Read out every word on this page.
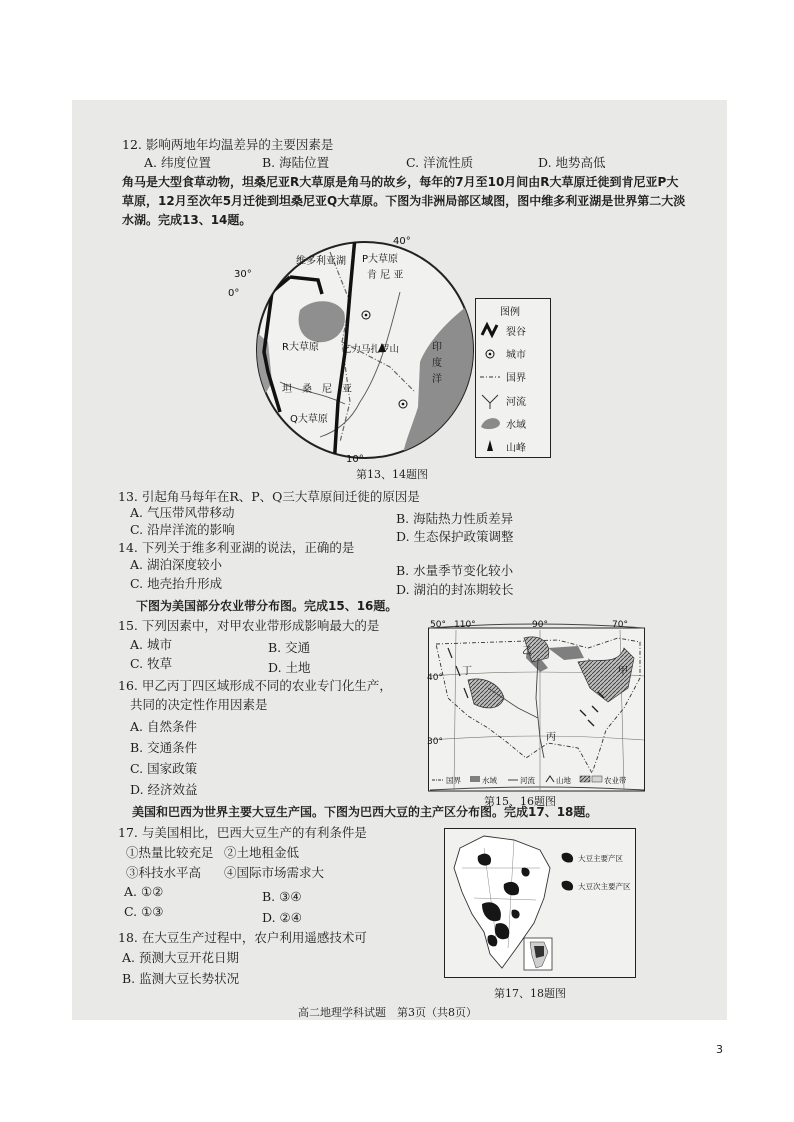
12. 影响两地年均温差异的主要因素是
A. 纬度位置	B. 海陆位置	C. 洋流性质	D. 地势高低
角马是大型食草动物，坦桑尼亚R大草原是角马的故乡，每年的7月至10月间由R大草原迁徙到肯尼亚P大草原，12月至次年5月迁徙到坦桑尼亚Q大草原。下图为非洲局部区域图，图中维多利亚湖是世界第二大淡水湖。完成13、14题。
维多利亚湖 P大草原
肯 尼 亚
R大草原 乞力马扎罗山
坦　桑　尼　亚
Q大草原
印
度
洋
40°
30°
0°
10°
图例
裂谷
城市
国界
河流
水域
山峰
第13、14题图
13. 引起角马每年在R、P、Q三大草原间迁徙的原因是
A. 气压带风带移动	B. 海陆热力性质差异
C. 沿岸洋流的影响	D. 生态保护政策调整
14. 下列关于维多利亚湖的说法，正确的是
A. 湖泊深度较小	B. 水量季节变化较小
C. 地壳抬升形成	D. 湖泊的封冻期较长
下图为美国部分农业带分布图。完成15、16题。
15. 下列因素中，对甲农业带形成影响最大的是
A. 城市	B. 交通
C. 牧草	D. 土地
16. 甲乙丙丁四区域形成不同的农业专门化生产，
共同的决定性作用因素是
A. 自然条件
B. 交通条件
C. 国家政策
D. 经济效益
50° 110°	90°	70°
40°
30°
丁
乙
甲
丙
国界	水域	河流	山地	农业带
第15、16题图
美国和巴西为世界主要大豆生产国。下图为巴西大豆的主产区分布图。完成17、18题。
17. 与美国相比，巴西大豆生产的有利条件是
①热量比较充足 ②土地租金低
③科技水平高 ④国际市场需求大
A. ①②	B. ③④
C. ①③	D. ②④
18. 在大豆生产过程中，农户利用遥感技术可
A. 预测大豆开花日期
B. 监测大豆长势状况
大豆主要产区
大豆次主要产区
第17、18题图
高二地理学科试题　第3页（共8页）
3
